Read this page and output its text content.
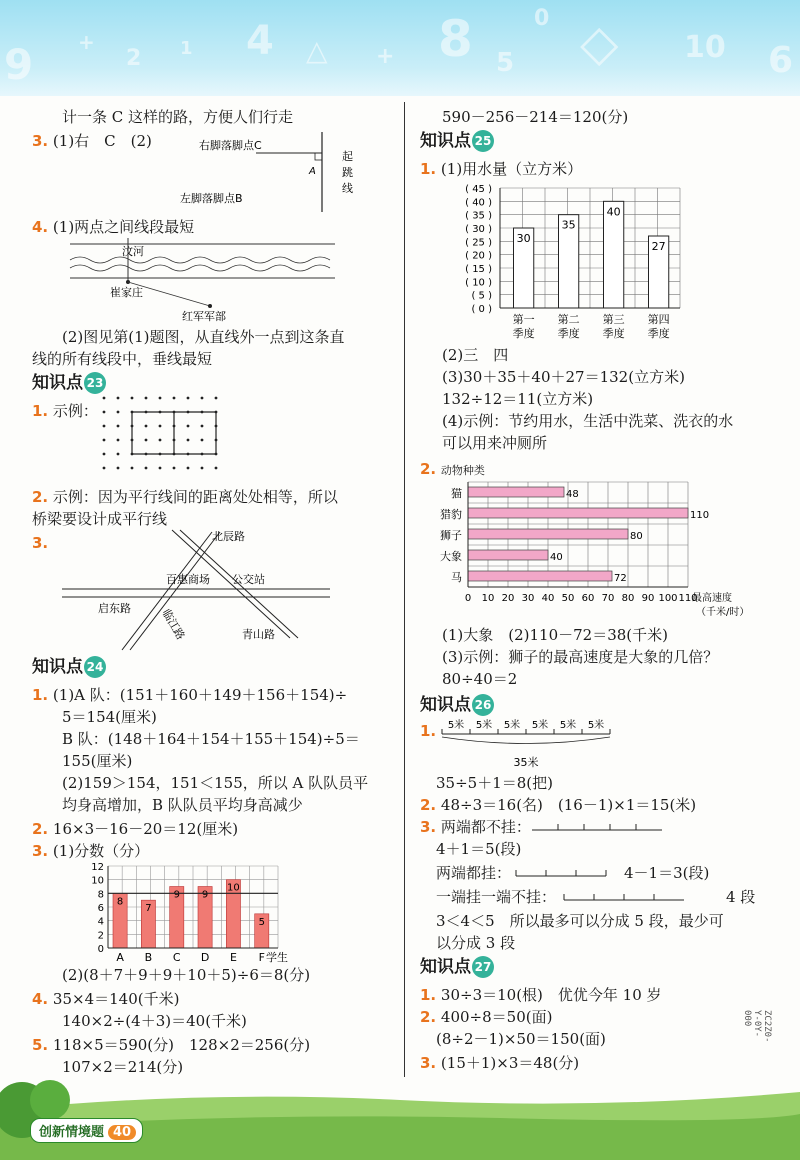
9 +
2 1 4 △ + 8 ◇ 10 6
5
0
计一条 C 这样的路，方便人们行走
3. (1)右　C　(2)	右脚落脚点C
左脚落脚点B
A
起跳线
4. (1)两点之间线段最短
汶河
崔家庄
红军军部
(2)图见第(1)题图，从直线外一点到这条直
线的所有线段中，垂线最短
知识点 23
1. 示例：
2. 示例：因为平行线间的距离处处相等，所以
桥梁要设计成平行线
3.	北辰路
百惠商场 公交站
启东路	临江路	青山路
知识点 24
1. (1)A 队：(151＋160＋149＋156＋154)÷
5＝154(厘米)
B 队：(148＋164＋154＋155＋154)÷5＝
155(厘米)
(2)159＞154，151＜155，所以 A 队队员平
均身高增加，B 队队员平均身高减少
2. 16×3－16－20＝12(厘米)
3. (1)分数（分）
0
2
4
6
8
10
12
8
A
7
B
9
C
9
D
10
E
5
F 学生
(2)(8＋7＋9＋9＋10＋5)÷6＝8(分)
4. 35×4＝140(千米)
140×2÷(4＋3)＝40(千米)
5. 118×5＝590(分)　128×2＝256(分)
107×2＝214(分)
590－256－214＝120(分)
知识点 25
1. (1)用水量（立方米）
( 0 )
( 5 )
( 10 )
( 15 )
( 20 )
( 25 )
( 30 )
( 35 )
( 40 )
( 45 )
30
第一
季度
35
第二
季度
40
第三
季度
27
第四
季度
(2)三　四
(3)30＋35＋40＋27＝132(立方米)
132÷12＝11(立方米)
(4)示例：节约用水，生活中洗菜、洗衣的水
可以用来冲厕所
2. 动物种类
0 10 20 30 40 50 60 70 80 90 100 110
48
猫
110
猎豹
80
狮子
40
大象
72
马
最高速度
（千米/时）
(1)大象　(2)110－72＝38(千米)
(3)示例：狮子的最高速度是大象的几倍？
80÷40＝2
知识点 26
1. 5米 5米 5米 5米 5米 5米
35米
35÷5＋1＝8(把)
2. 48÷3＝16(名)　(16－1)×1＝15(米)
3. 两端都不挂：
4＋1＝5(段)
两端都挂：	4－1＝3(段)
一端挂一端不挂：	4 段
3＜4＜5　所以最多可以分成 5 段，最少可
以分成 3 段
知识点 27
1. 30÷3＝10(根)　优优今年 10 岁
2. 400÷8＝50(面)
(8÷2－1)×50＝150(面)
3. (15＋1)×3＝48(分)
创新情境题 40
ZC2Z0-Y-0Y-000
